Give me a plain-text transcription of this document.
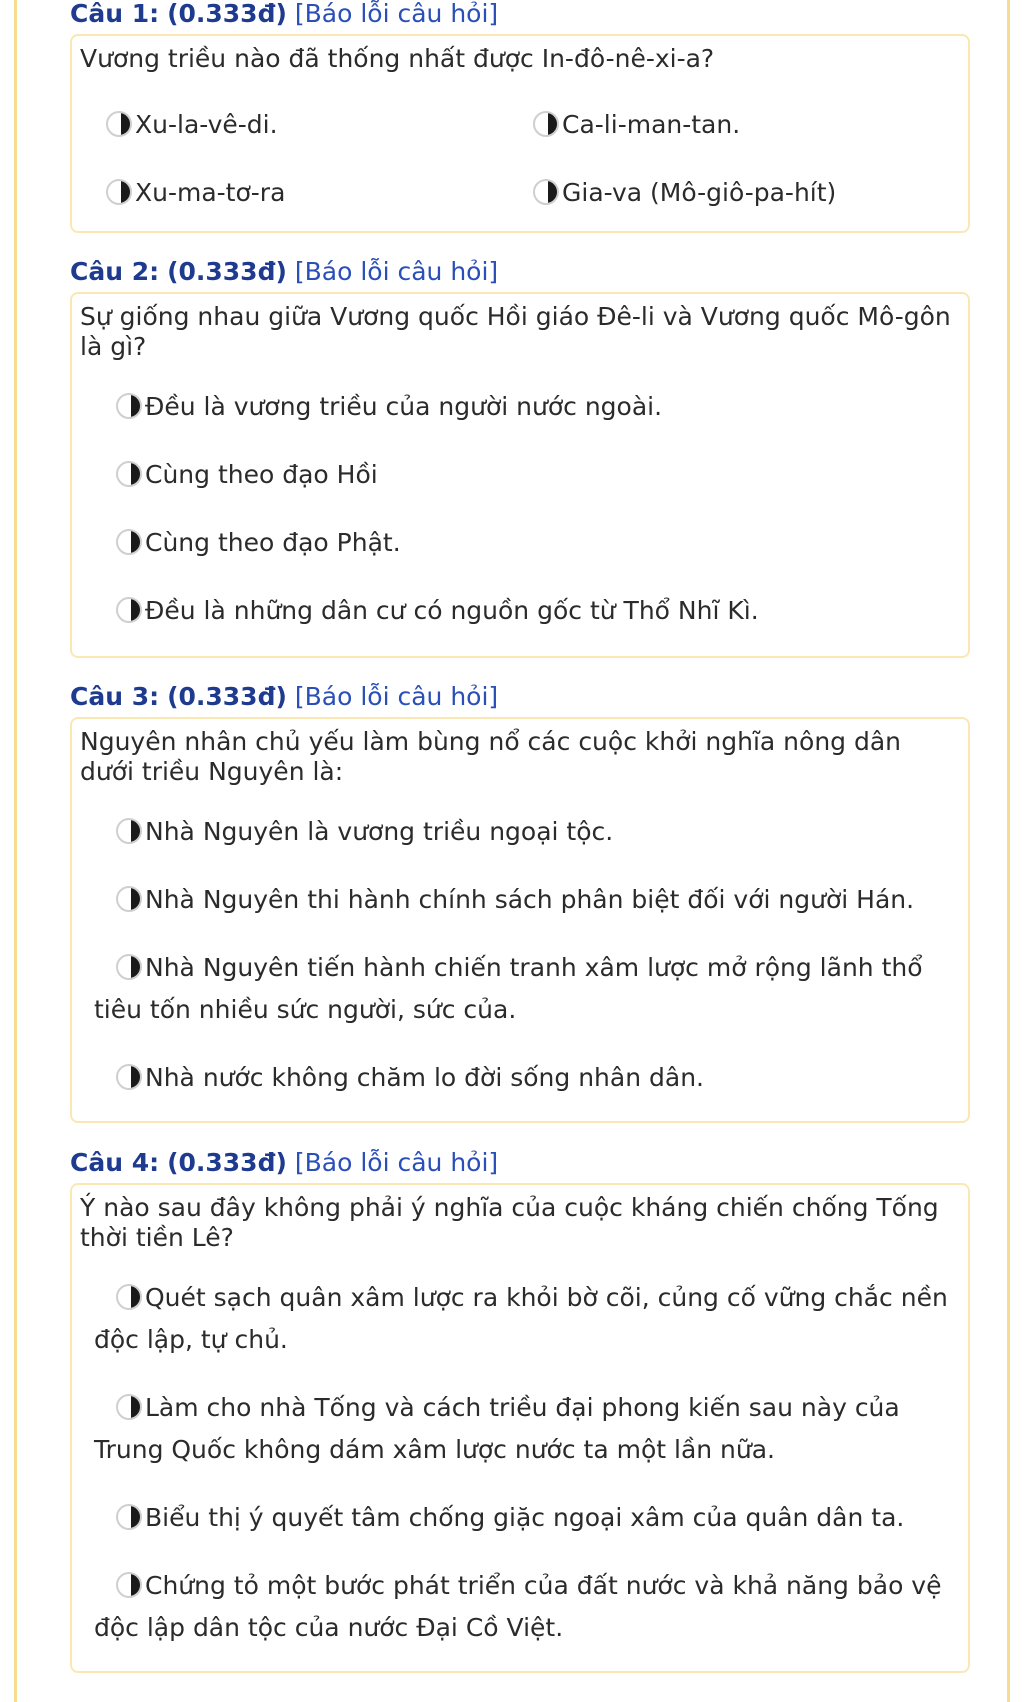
Câu 1: (0.333đ) [Báo lỗi câu hỏi]
Vương triều nào đã thống nhất được In-đô-nê-xi-a?
Xu-la-vê-di.	Ca-li-man-tan.
Xu-ma-tơ-ra	Gia-va (Mô-giô-pa-hít)
Câu 2: (0.333đ) [Báo lỗi câu hỏi]
Sự giống nhau giữa Vương quốc Hồi giáo Đê-li và Vương quốc Mô-gôn là gì?
Đều là vương triều của người nước ngoài.
Cùng theo đạo Hồi
Cùng theo đạo Phật.
Đều là những dân cư có nguồn gốc từ Thổ Nhĩ Kì.
Câu 3: (0.333đ) [Báo lỗi câu hỏi]
Nguyên nhân chủ yếu làm bùng nổ các cuộc khởi nghĩa nông dân dưới triều Nguyên là:
Nhà Nguyên là vương triều ngoại tộc.
Nhà Nguyên thi hành chính sách phân biệt đối với người Hán.
Nhà Nguyên tiến hành chiến tranh xâm lược mở rộng lãnh thổ tiêu tốn nhiều sức người, sức của.
Nhà nước không chăm lo đời sống nhân dân.
Câu 4: (0.333đ) [Báo lỗi câu hỏi]
Ý nào sau đây không phải ý nghĩa của cuộc kháng chiến chống Tống thời tiền Lê?
Quét sạch quân xâm lược ra khỏi bờ cõi, củng cố vững chắc nền độc lập, tự chủ.
Làm cho nhà Tống và cách triều đại phong kiến sau này của Trung Quốc không dám xâm lược nước ta một lần nữa.
Biểu thị ý quyết tâm chống giặc ngoại xâm của quân dân ta.
Chứng tỏ một bước phát triển của đất nước và khả năng bảo vệ độc lập dân tộc của nước Đại Cồ Việt.
